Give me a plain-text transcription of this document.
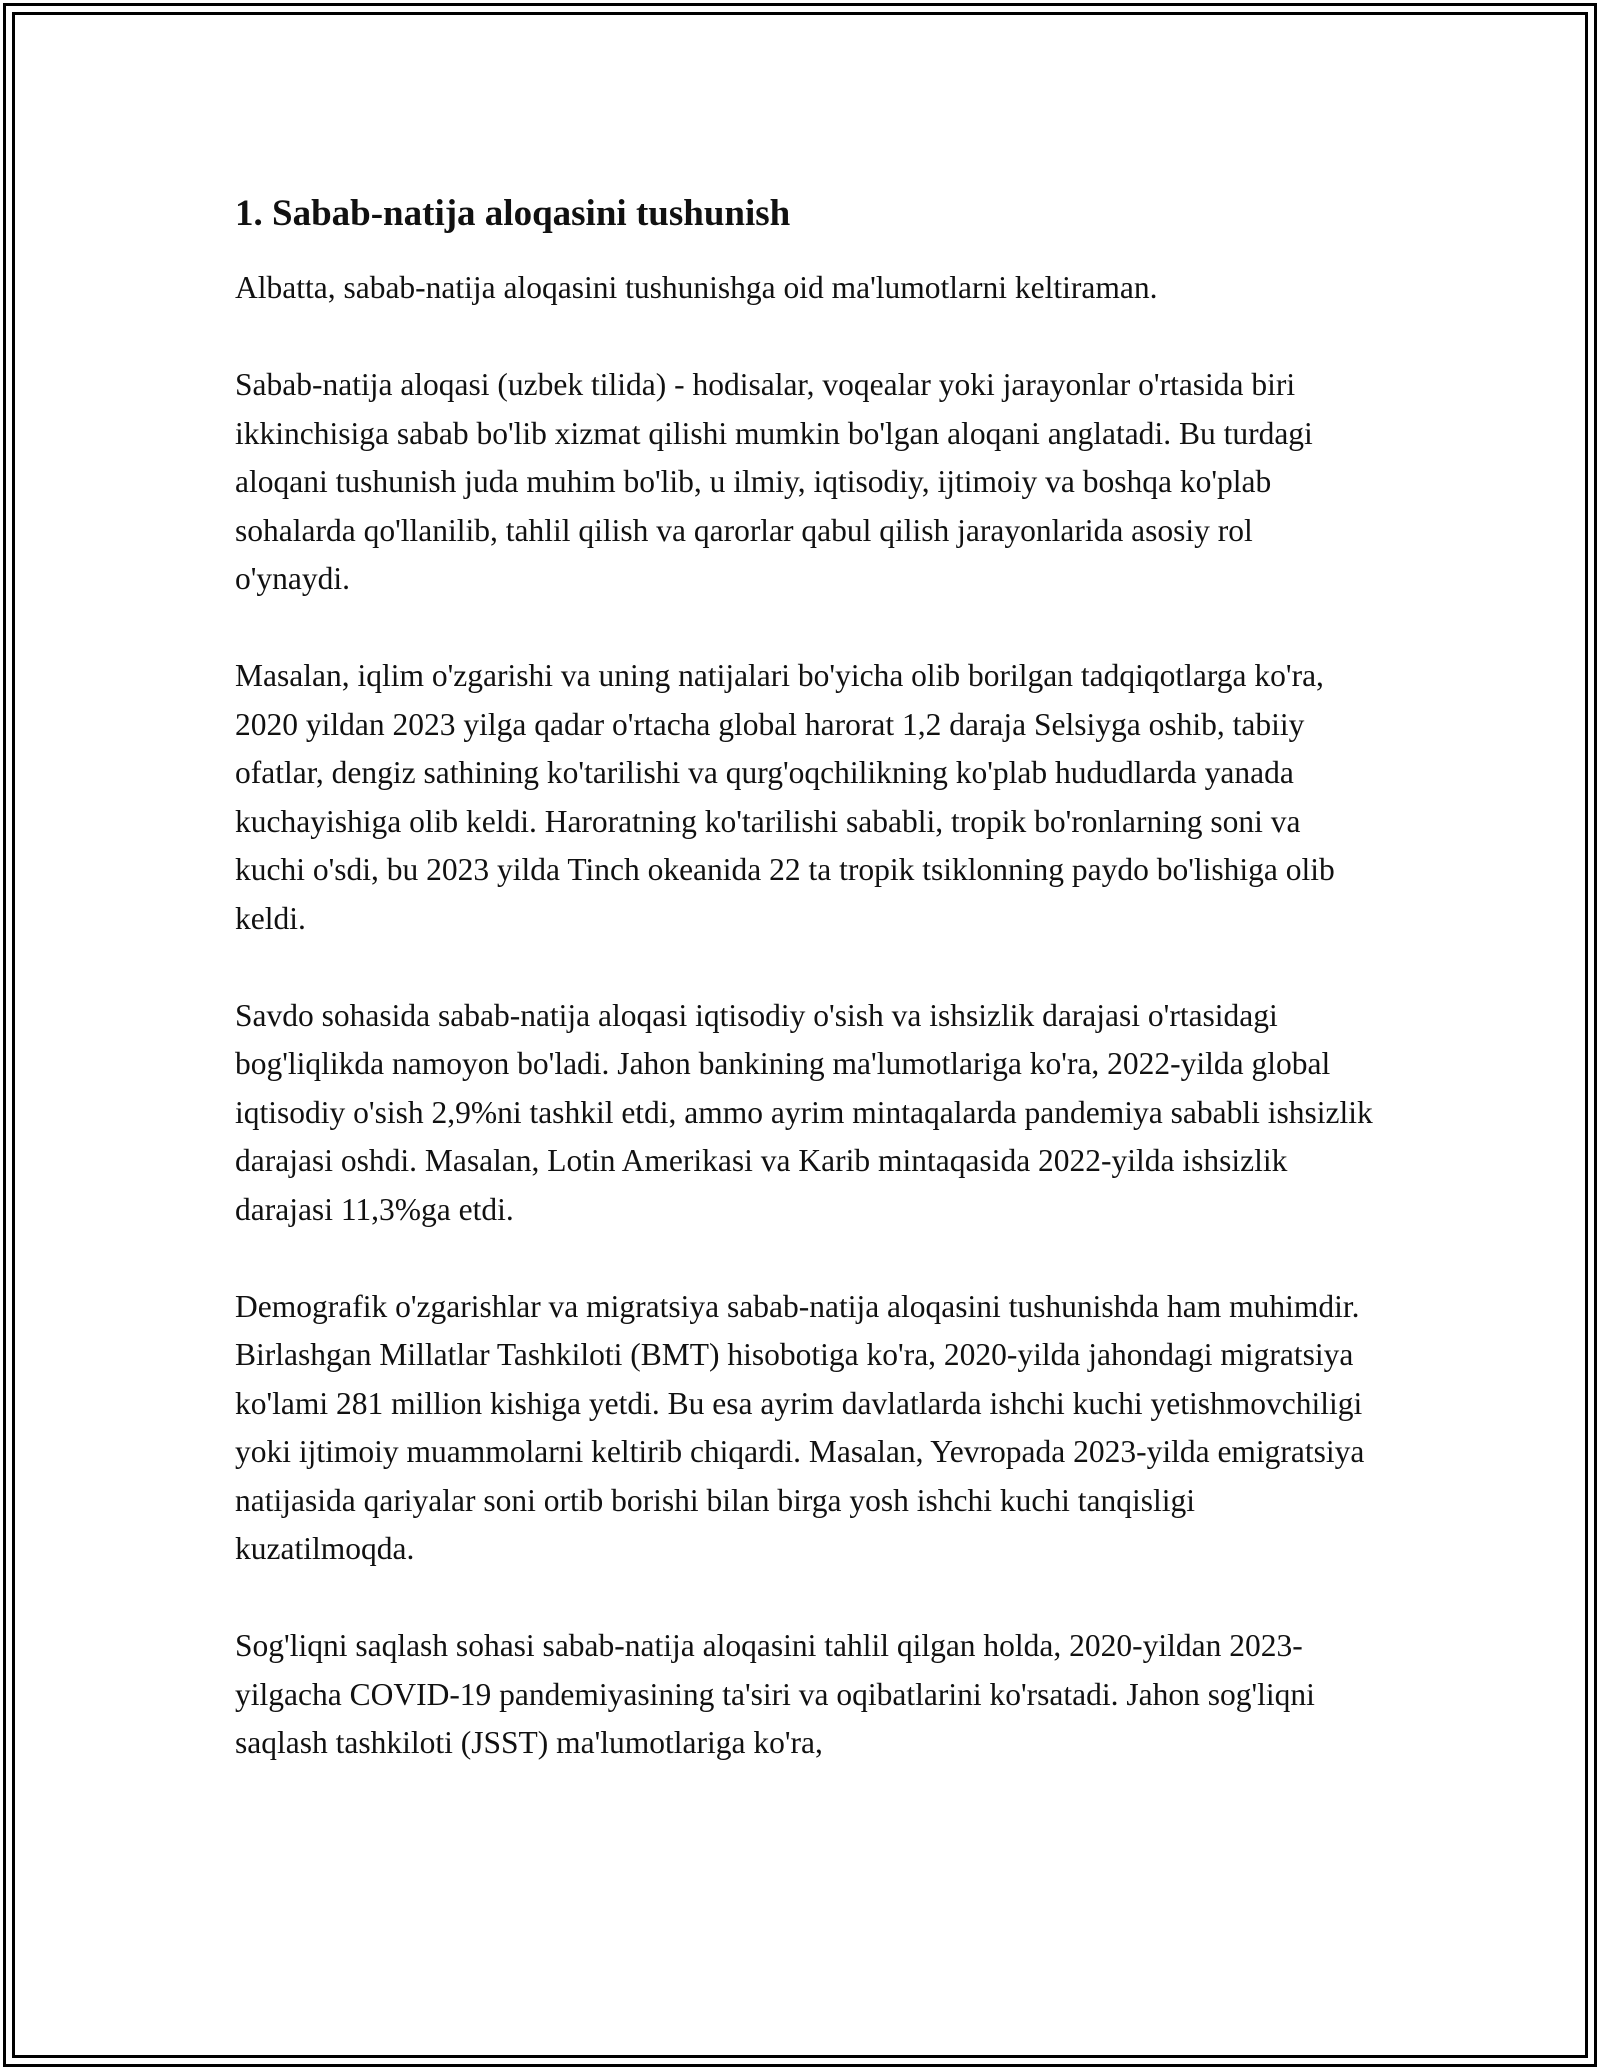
1. Sabab-natija aloqasini tushunish

Albatta, sabab-natija aloqasini tushunishga oid ma'lumotlarni keltiraman.

Sabab-natija aloqasi (uzbek tilida) - hodisalar, voqealar yoki jarayonlar o'rtasida biri ikkinchisiga sabab bo'lib xizmat qilishi mumkin bo'lgan aloqani anglatadi. Bu turdagi aloqani tushunish juda muhim bo'lib, u ilmiy, iqtisodiy, ijtimoiy va boshqa ko'plab sohalarda qo'llanilib, tahlil qilish va qarorlar qabul qilish jarayonlarida asosiy rol o'ynaydi.

Masalan, iqlim o'zgarishi va uning natijalari bo'yicha olib borilgan tadqiqotlarga ko'ra, 2020 yildan 2023 yilga qadar o'rtacha global harorat 1,2 daraja Selsiyga oshib, tabiiy ofatlar, dengiz sathining ko'tarilishi va qurg'oqchilikning ko'plab hududlarda yanada kuchayishiga olib keldi. Haroratning ko'tarilishi sababli, tropik bo'ronlarning soni va kuchi o'sdi, bu 2023 yilda Tinch okeanida 22 ta tropik tsiklonning paydo bo'lishiga olib keldi.

Savdo sohasida sabab-natija aloqasi iqtisodiy o'sish va ishsizlik darajasi o'rtasidagi bog'liqlikda namoyon bo'ladi. Jahon bankining ma'lumotlariga ko'ra, 2022-yilda global iqtisodiy o'sish 2,9%ni tashkil etdi, ammo ayrim mintaqalarda pandemiya sababli ishsizlik darajasi oshdi. Masalan, Lotin Amerikasi va Karib mintaqasida 2022-yilda ishsizlik darajasi 11,3%ga etdi.

Demografik o'zgarishlar va migratsiya sabab-natija aloqasini tushunishda ham muhimdir. Birlashgan Millatlar Tashkiloti (BMT) hisobotiga ko'ra, 2020-yilda jahondagi migratsiya ko'lami 281 million kishiga yetdi. Bu esa ayrim davlatlarda ishchi kuchi yetishmovchiligi yoki ijtimoiy muammolarni keltirib chiqardi. Masalan, Yevropada 2023-yilda emigratsiya natijasida qariyalar soni ortib borishi bilan birga yosh ishchi kuchi tanqisligi kuzatilmoqda.

Sog'liqni saqlash sohasi sabab-natija aloqasini tahlil qilgan holda, 2020-yildan 2023-yilgacha COVID-19 pandemiyasining ta'siri va oqibatlarini ko'rsatadi. Jahon sog'liqni saqlash tashkiloti (JSST) ma'lumotlariga ko'ra,
